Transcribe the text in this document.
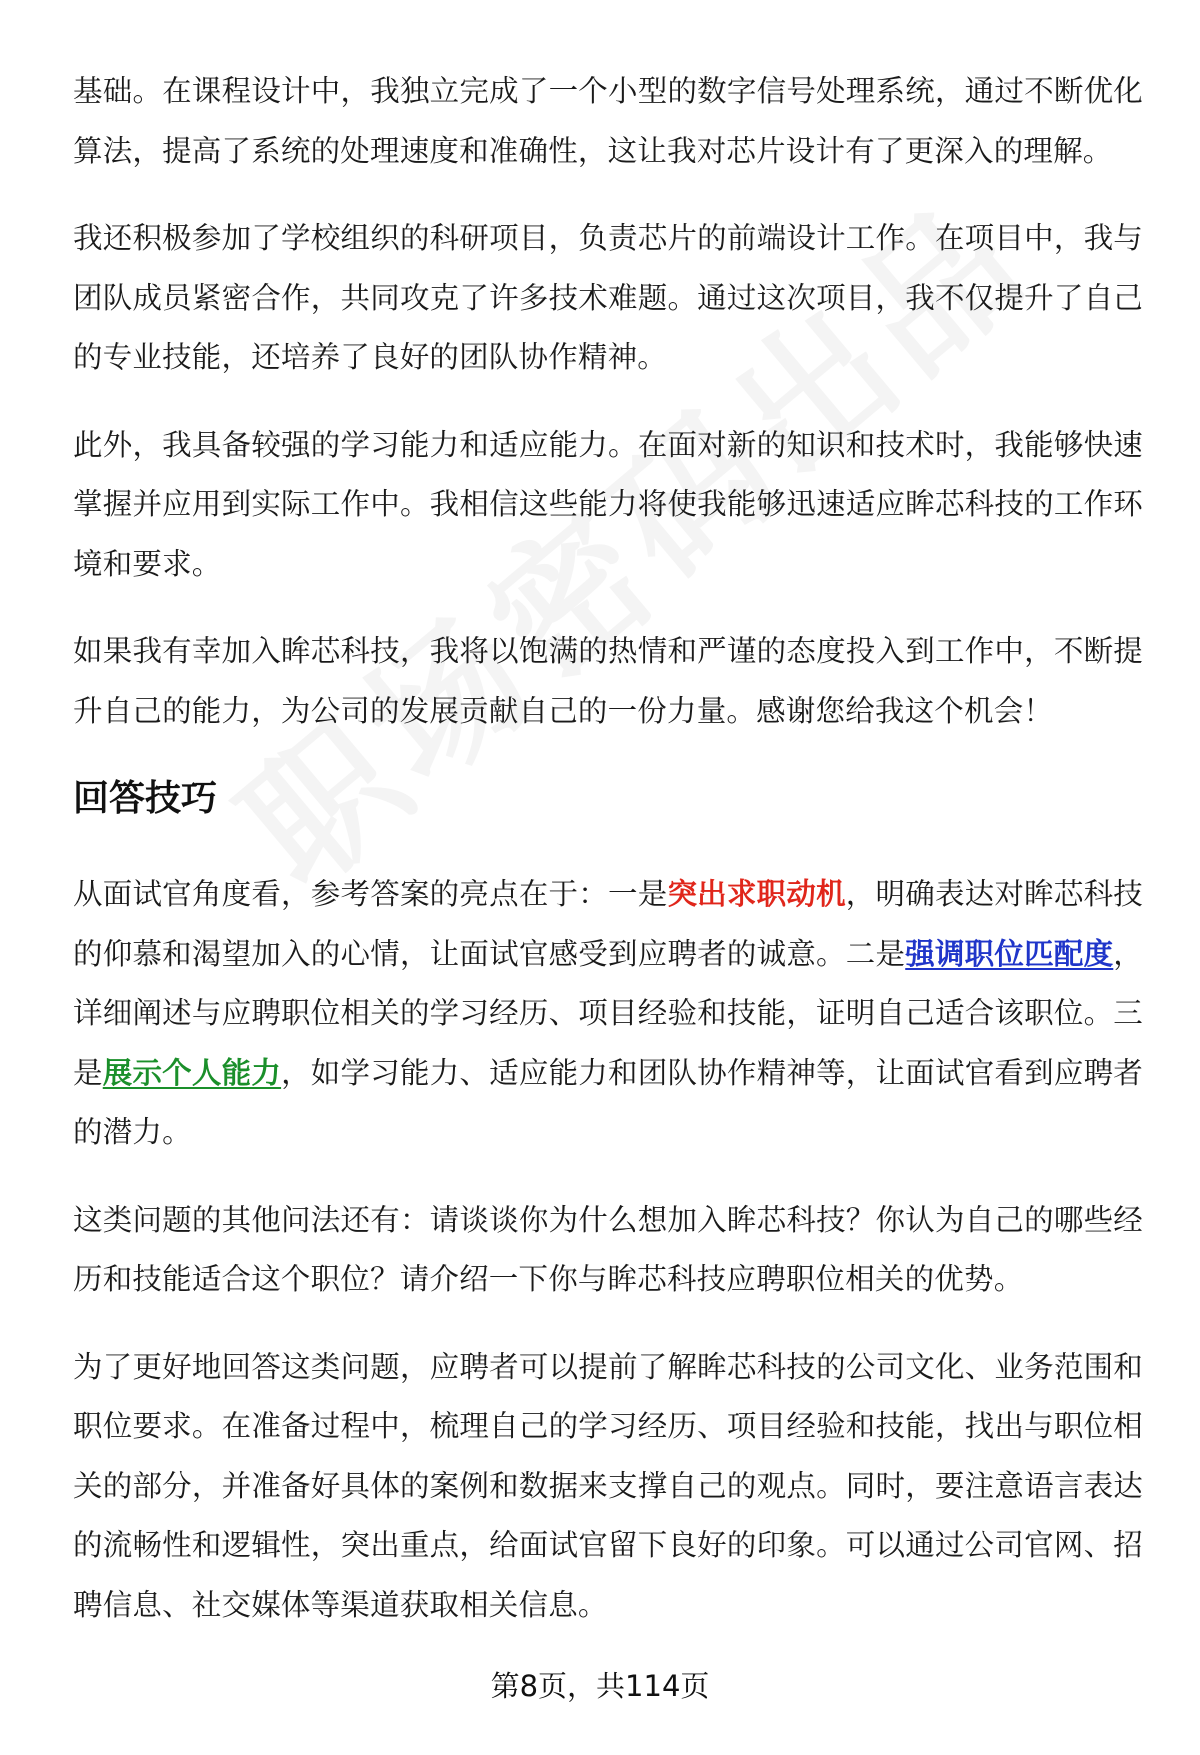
基础。在课程设计中，我独立完成了一个小型的数字信号处理系统，通过不断优化算法，提高了系统的处理速度和准确性，这让我对芯片设计有了更深入的理解。

我还积极参加了学校组织的科研项目，负责芯片的前端设计工作。在项目中，我与团队成员紧密合作，共同攻克了许多技术难题。通过这次项目，我不仅提升了自己的专业技能，还培养了良好的团队协作精神。

此外，我具备较强的学习能力和适应能力。在面对新的知识和技术时，我能够快速掌握并应用到实际工作中。我相信这些能力将使我能够迅速适应眸芯科技的工作环境和要求。

如果我有幸加入眸芯科技，我将以饱满的热情和严谨的态度投入到工作中，不断提升自己的能力，为公司的发展贡献自己的一份力量。感谢您给我这个机会！

回答技巧

从面试官角度看，参考答案的亮点在于：一是突出求职动机，明确表达对眸芯科技的仰慕和渴望加入的心情，让面试官感受到应聘者的诚意。二是强调职位匹配度，详细阐述与应聘职位相关的学习经历、项目经验和技能，证明自己适合该职位。三是展示个人能力，如学习能力、适应能力和团队协作精神等，让面试官看到应聘者的潜力。

这类问题的其他问法还有：请谈谈你为什么想加入眸芯科技？你认为自己的哪些经历和技能适合这个职位？请介绍一下你与眸芯科技应聘职位相关的优势。

为了更好地回答这类问题，应聘者可以提前了解眸芯科技的公司文化、业务范围和职位要求。在准备过程中，梳理自己的学习经历、项目经验和技能，找出与职位相关的部分，并准备好具体的案例和数据来支撑自己的观点。同时，要注意语言表达的流畅性和逻辑性，突出重点，给面试官留下良好的印象。可以通过公司官网、招聘信息、社交媒体等渠道获取相关信息。

第8页，共114页
